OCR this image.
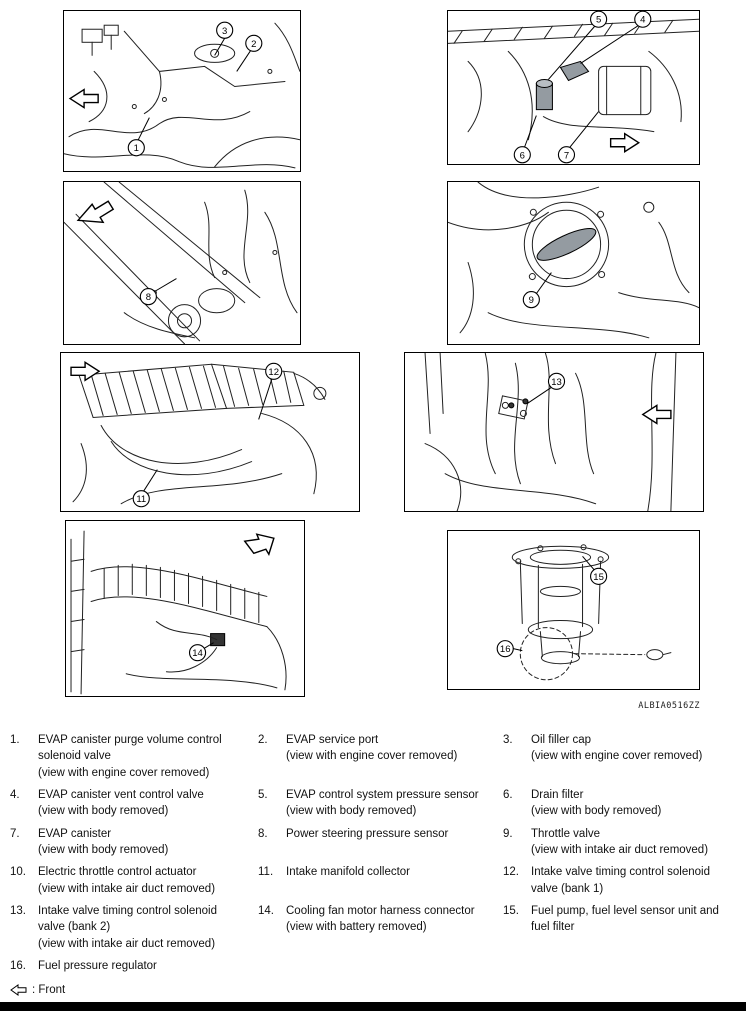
3
2
1
5	4
6	7
8	9
12
11
13
14
15
16
ALBIA0516ZZ
1.	EVAP canister purge volume control solenoid valve
(view with engine cover removed)
2.	EVAP service port
(view with engine cover removed)
3.	Oil filler cap
(view with engine cover removed)
4.	EVAP canister vent control valve
(view with body removed)
5.	EVAP control system pressure sensor
(view with body removed)
6.	Drain filter
(view with body removed)
7.	EVAP canister
(view with body removed)
8.	Power steering pressure sensor	9.	Throttle valve
(view with intake air duct removed)
10.	Electric throttle control actuator
(view with intake air duct removed)
11.	Intake manifold collector	12.	Intake valve timing control solenoid valve (bank 1)
13.	Intake valve timing control solenoid valve (bank 2)
(view with intake air duct removed)
14.	Cooling fan motor harness connector
(view with battery removed)
15.	Fuel pump, fuel level sensor unit and fuel filter
16.	Fuel pressure regulator
: Front
